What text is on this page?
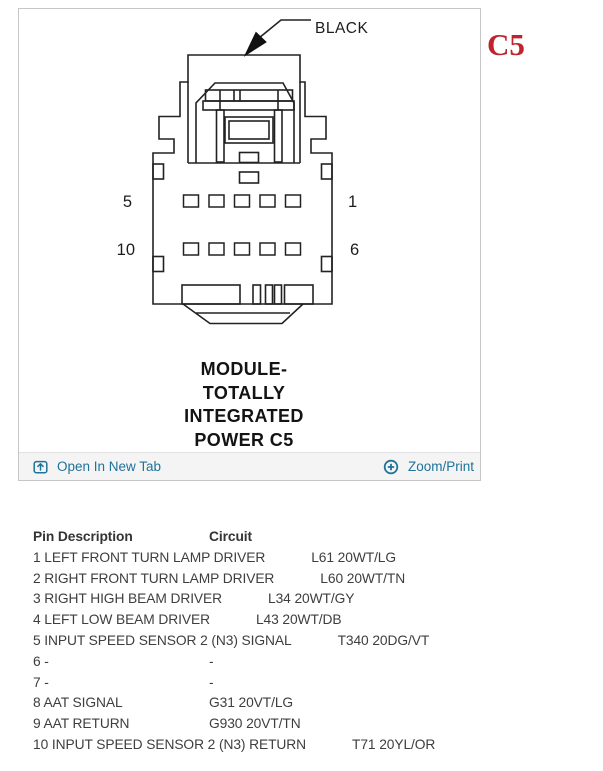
BLACK
5	1
10	6
MODULE-
TOTALLY
INTEGRATED
POWER C5
Open In New Tab	Zoom/Print
C5
Pin Description	Circuit
1 LEFT FRONT TURN LAMP DRIVER	L61 20WT/LG
2 RIGHT FRONT TURN LAMP DRIVER	L60 20WT/TN
3 RIGHT HIGH BEAM DRIVER	L34 20WT/GY
4 LEFT LOW BEAM DRIVER	L43 20WT/DB
5 INPUT SPEED SENSOR 2 (N3) SIGNAL	T340 20DG/VT
6 -	-
7 -	-
8 AAT SIGNAL	G31 20VT/LG
9 AAT RETURN	G930 20VT/TN
10 INPUT SPEED SENSOR 2 (N3) RETURN	T71 20YL/OR
